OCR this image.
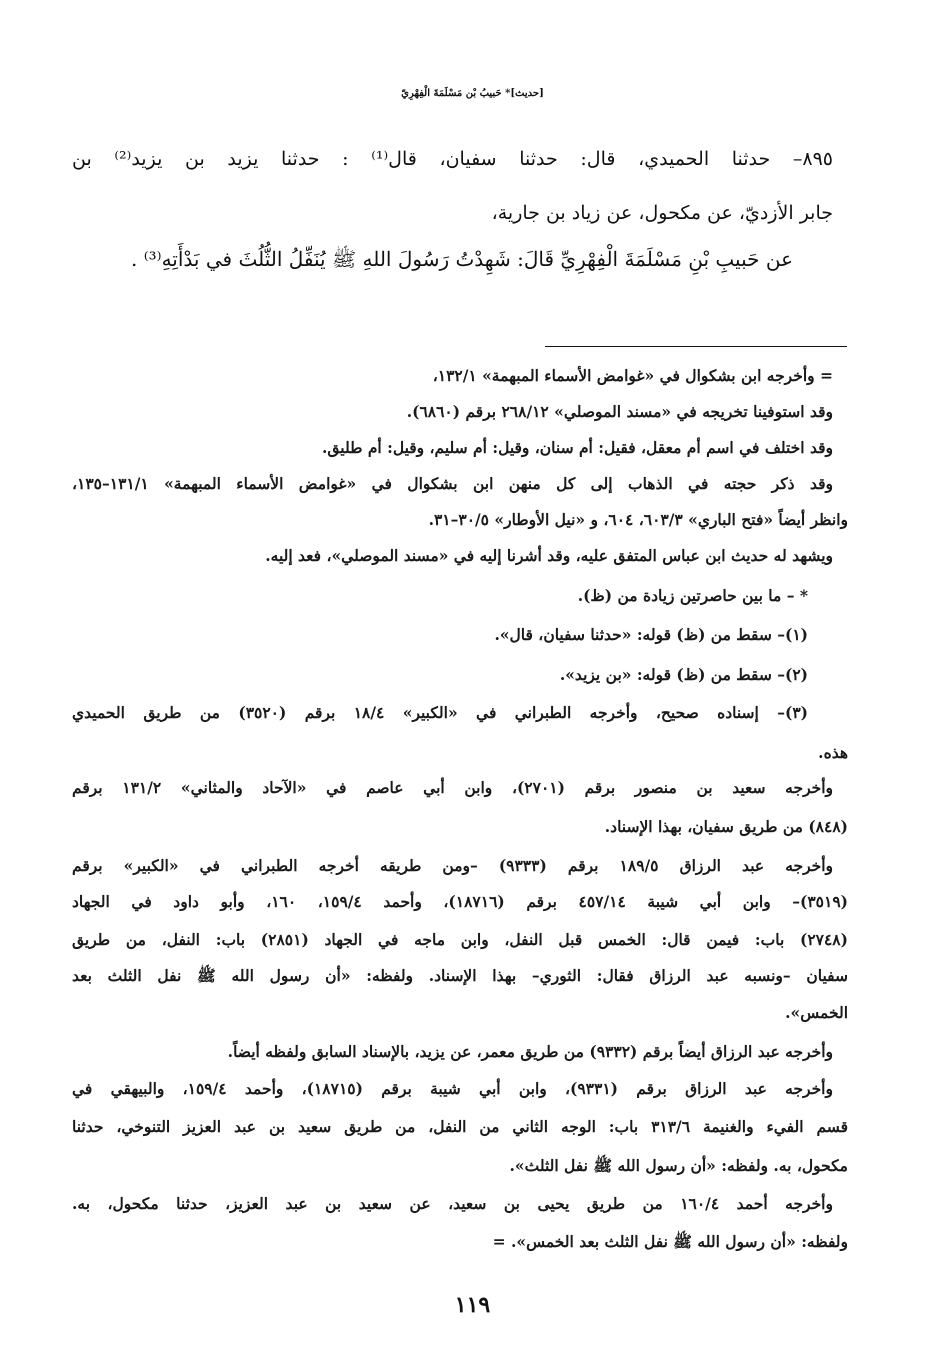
[حديث]* حَبيبُ بْن مَسْلَمَةَ الْفِهْرِيّ
٨٩٥– حدثنا الحميدي، قال: حدثنا سفيان، قال⁽¹⁾ : حدثنا يزيد بن يزيد⁽²⁾ بن
جابر الأزديّ، عن مكحول، عن زياد بن جارية،
عن حَبيبِ بْنِ مَسْلَمَةَ الْفِهْرِيِّ قَالَ: شَهِدْتُ رَسُولَ اللهِ ﷺ يُنَفِّلُ الثُّلُثَ في بَدْأَتِهِ⁽³⁾ .
= وأخرجه ابن بشكوال في «غوامض الأسماء المبهمة» ١٣٢/١،
وقد استوفينا تخريجه في «مسند الموصلي» ٢٦٨/١٢ برقم (٦٨٦٠).
وقد اختلف في اسم أم معقل، فقيل: أم سنان، وقيل: أم سليم، وقيل: أم طليق.
وقد ذكر حجته في الذهاب إلى كل منهن ابن بشكوال في «غوامض الأسماء المبهمة» ١٣١/١–١٣٥،
وانظر أيضاً «فتح الباري» ٦٠٣/٣، ٦٠٤، و «نيل الأوطار» ٣٠/٥–٣١.
ويشهد له حديث ابن عباس المتفق عليه، وقد أشرنا إليه في «مسند الموصلي»، فعد إليه.
* – ما بين حاصرتين زيادة من (ظ).
(١)– سقط من (ظ) قوله: «حدثنا سفيان، قال».
(٢)– سقط من (ظ) قوله: «بن يزيد».
(٣)– إسناده صحيح، وأخرجه الطبراني في «الكبير» ١٨/٤ برقم (٣٥٢٠) من طريق الحميدي
هذه.
وأخرجه سعيد بن منصور برقم (٢٧٠١)، وابن أبي عاصم في «الآحاد والمثاني» ١٣١/٢ برقم
(٨٤٨) من طريق سفيان، بهذا الإسناد.
وأخرجه عبد الرزاق ١٨٩/٥ برقم (٩٣٣٣) –ومن طريقه أخرجه الطبراني في «الكبير» برقم
(٣٥١٩)– وابن أبي شيبة ٤٥٧/١٤ برقم (١٨٧١٦)، وأحمد ١٥٩/٤، ١٦٠، وأبو داود في الجهاد
(٢٧٤٨) باب: فيمن قال: الخمس قبل النفل، وابن ماجه في الجهاد (٢٨٥١) باب: النفل، من طريق
سفيان –ونسبه عبد الرزاق فقال: الثوري– بهذا الإسناد. ولفظه: «أن رسول الله ﷺ نفل الثلث بعد
الخمس».
وأخرجه عبد الرزاق أيضاً برقم (٩٣٣٢) من طريق معمر، عن يزيد، بالإسناد السابق ولفظه أيضاً.
وأخرجه عبد الرزاق برقم (٩٣٣١)، وابن أبي شيبة برقم (١٨٧١٥)، وأحمد ١٥٩/٤، والبيهقي في
قسم الفيء والغنيمة ٣١٣/٦ باب: الوجه الثاني من النفل، من طريق سعيد بن عبد العزيز التنوخي، حدثنا
مكحول، به. ولفظه: «أن رسول الله ﷺ نفل الثلث».
وأخرجه أحمد ١٦٠/٤ من طريق يحيى بن سعيد، عن سعيد بن عبد العزيز، حدثنا مكحول، به.
ولفظه: «أن رسول الله ﷺ نفل الثلث بعد الخمس». =
١١٩
